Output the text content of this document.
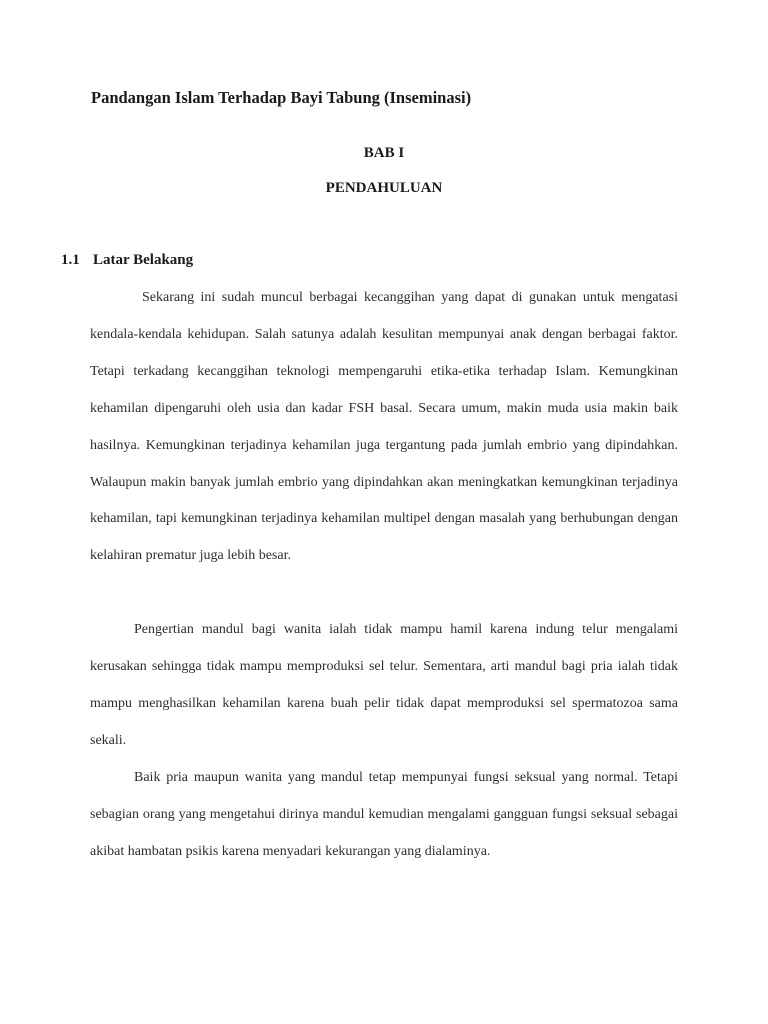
Pandangan Islam Terhadap Bayi Tabung (Inseminasi)
BAB I
PENDAHULUAN
1.1 Latar Belakang
Sekarang ini sudah muncul berbagai kecanggihan yang dapat di gunakan untuk mengatasi kendala-kendala kehidupan. Salah satunya adalah kesulitan mempunyai anak dengan berbagai faktor. Tetapi terkadang kecanggihan teknologi mempengaruhi etika-etika terhadap Islam. Kemungkinan kehamilan dipengaruhi oleh usia dan kadar FSH basal. Secara umum, makin muda usia makin baik hasilnya. Kemungkinan terjadinya kehamilan juga tergantung pada jumlah embrio yang dipindahkan. Walaupun makin banyak jumlah embrio yang dipindahkan akan meningkatkan kemungkinan terjadinya kehamilan, tapi kemungkinan terjadinya kehamilan multipel dengan masalah yang berhubungan dengan kelahiran prematur juga lebih besar.
Pengertian mandul bagi wanita ialah tidak mampu hamil karena indung telur mengalami kerusakan sehingga tidak mampu memproduksi sel telur. Sementara, arti mandul bagi pria ialah tidak mampu menghasilkan kehamilan karena buah pelir tidak dapat memproduksi sel spermatozoa sama sekali.
Baik pria maupun wanita yang mandul tetap mempunyai fungsi seksual yang normal. Tetapi sebagian orang yang mengetahui dirinya mandul kemudian mengalami gangguan fungsi seksual sebagai akibat hambatan psikis karena menyadari kekurangan yang dialaminya.
